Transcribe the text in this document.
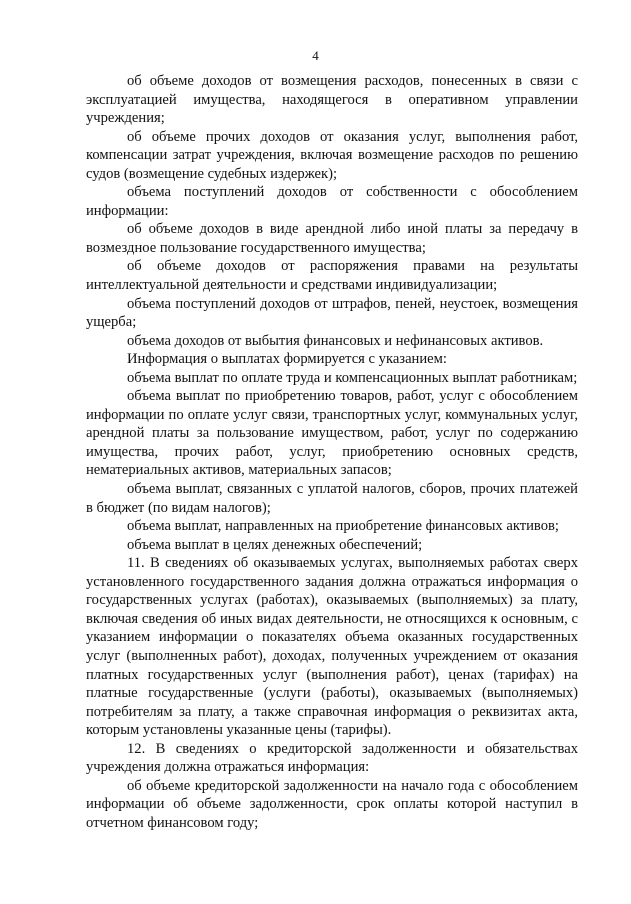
4

об объеме доходов от возмещения расходов, понесенных в связи с эксплуатацией имущества, находящегося в оперативном управлении учреждения;

об объеме прочих доходов от оказания услуг, выполнения работ, компенсации затрат учреждения, включая возмещение расходов по решению судов (возмещение судебных издержек);

объема поступлений доходов от собственности с обособлением информации:

об объеме доходов в виде арендной либо иной платы за передачу в возмездное пользование государственного имущества;

об объеме доходов от распоряжения правами на результаты интеллектуальной деятельности и средствами индивидуализации;

объема поступлений доходов от штрафов, пеней, неустоек, возмещения ущерба;

объема доходов от выбытия финансовых и нефинансовых активов.

Информация о выплатах формируется с указанием:

объема выплат по оплате труда и компенсационных выплат работникам;

объема выплат по приобретению товаров, работ, услуг с обособлением информации по оплате услуг связи, транспортных услуг, коммунальных услуг, арендной платы за пользование имуществом, работ, услуг по содержанию имущества, прочих работ, услуг, приобретению основных средств, нематериальных активов, материальных запасов;

объема выплат, связанных с уплатой налогов, сборов, прочих платежей в бюджет (по видам налогов);

объема выплат, направленных на приобретение финансовых активов;

объема выплат в целях денежных обеспечений;

11. В сведениях об оказываемых услугах, выполняемых работах сверх установленного государственного задания должна отражаться информация о государственных услугах (работах), оказываемых (выполняемых) за плату, включая сведения об иных видах деятельности, не относящихся к основным, с указанием информации о показателях объема оказанных государственных услуг (выполненных работ), доходах, полученных учреждением от оказания платных государственных услуг (выполнения работ), ценах (тарифах) на платные государственные (услуги (работы), оказываемых (выполняемых) потребителям за плату, а также справочная информация о реквизитах акта, которым установлены указанные цены (тарифы).

12. В сведениях о кредиторской задолженности и обязательствах учреждения должна отражаться информация:

об объеме кредиторской задолженности на начало года с обособлением информации об объеме задолженности, срок оплаты которой наступил в отчетном финансовом году;
